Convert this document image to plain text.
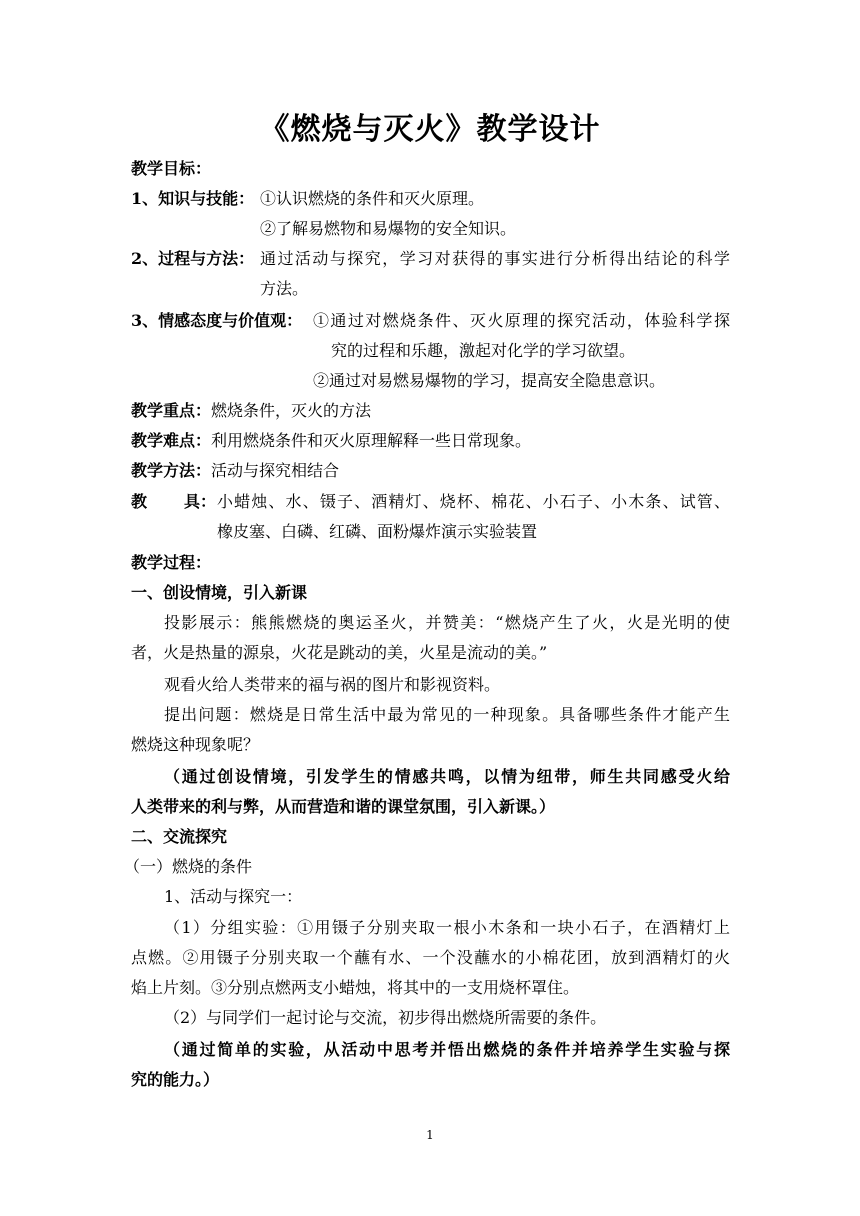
《燃烧与灭火》教学设计
教学目标：
1、知识与技能： ①认识燃烧的条件和灭火原理。
②了解易燃物和易爆物的安全知识。
2、过程与方法： 通过活动与探究，学习对获得的事实进行分析得出结论的科学
方法。
3、情感态度与价值观： ①通过对燃烧条件、灭火原理的探究活动，体验科学探
究的过程和乐趣，激起对化学的学习欲望。
②通过对易燃易爆物的学习，提高安全隐患意识。
教学重点：燃烧条件，灭火的方法
教学难点：利用燃烧条件和灭火原理解释一些日常现象。
教学方法：活动与探究相结合
教 具： 小蜡烛、水、镊子、酒精灯、烧杯、棉花、小石子、小木条、试管、
橡皮塞、白磷、红磷、面粉爆炸演示实验装置
教学过程：
一、创设情境，引入新课
投影展示：熊熊燃烧的奥运圣火，并赞美：“燃烧产生了火，火是光明的使
者，火是热量的源泉，火花是跳动的美，火星是流动的美。”
观看火给人类带来的福与祸的图片和影视资料。
提出问题：燃烧是日常生活中最为常见的一种现象。具备哪些条件才能产生
燃烧这种现象呢？
（通过创设情境，引发学生的情感共鸣，以情为纽带，师生共同感受火给
人类带来的利与弊，从而营造和谐的课堂氛围，引入新课。）
二、交流探究
（一）燃烧的条件
1、活动与探究一：
（1）分组实验：①用镊子分别夹取一根小木条和一块小石子，在酒精灯上
点燃。②用镊子分别夹取一个蘸有水、一个没蘸水的小棉花团，放到酒精灯的火
焰上片刻。③分别点燃两支小蜡烛，将其中的一支用烧杯罩住。
（2）与同学们一起讨论与交流，初步得出燃烧所需要的条件。
（通过简单的实验，从活动中思考并悟出燃烧的条件并培养学生实验与探
究的能力。）
1
